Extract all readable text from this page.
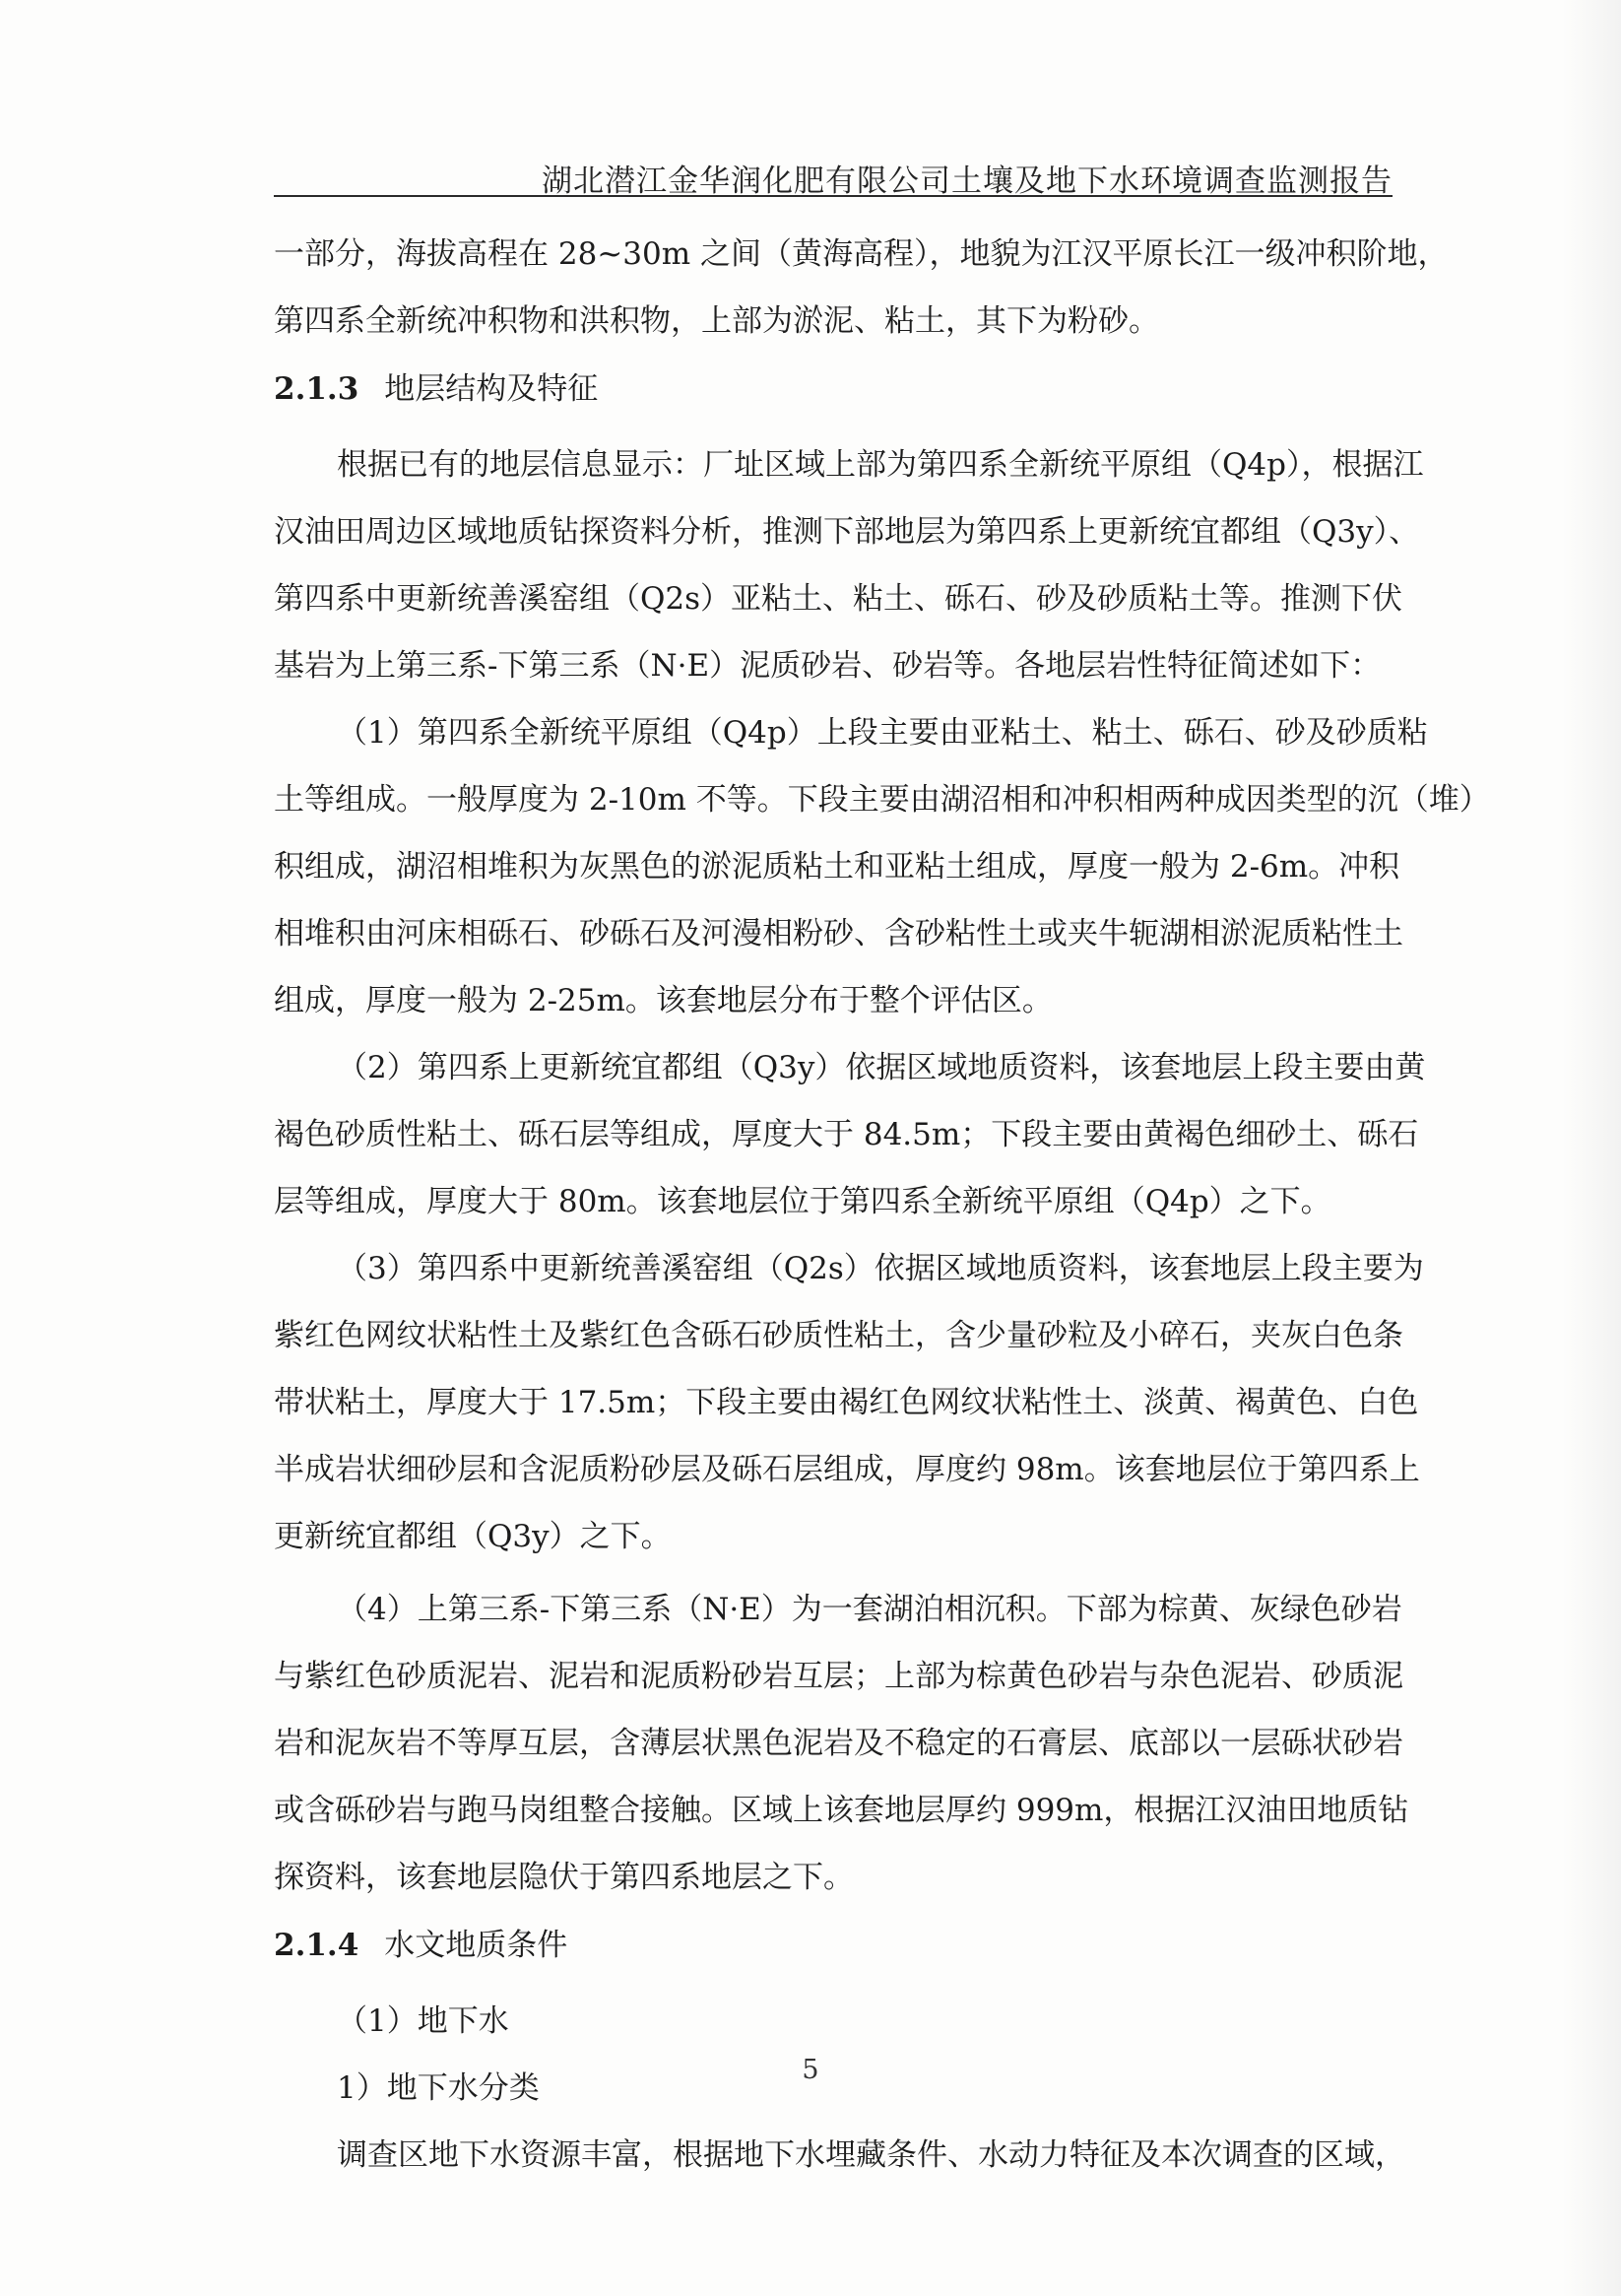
湖北潜江金华润化肥有限公司土壤及地下水环境调查监测报告

一部分，海拔高程在 28~30m 之间（黄海高程），地貌为江汉平原长江一级冲积阶地，

第四系全新统冲积物和洪积物，上部为淤泥、粘土，其下为粉砂。

2.1.3 地层结构及特征

根据已有的地层信息显示：厂址区域上部为第四系全新统平原组（Q4p），根据江

汉油田周边区域地质钻探资料分析，推测下部地层为第四系上更新统宜都组（Q3y）、

第四系中更新统善溪窑组（Q2s）亚粘土、粘土、砾石、砂及砂质粘土等。推测下伏

基岩为上第三系-下第三系（N·E）泥质砂岩、砂岩等。各地层岩性特征简述如下：

（1）第四系全新统平原组（Q4p）上段主要由亚粘土、粘土、砾石、砂及砂质粘

土等组成。一般厚度为 2-10m 不等。下段主要由湖沼相和冲积相两种成因类型的沉（堆）

积组成，湖沼相堆积为灰黑色的淤泥质粘土和亚粘土组成，厚度一般为 2-6m。冲积

相堆积由河床相砾石、砂砾石及河漫相粉砂、含砂粘性土或夹牛轭湖相淤泥质粘性土

组成，厚度一般为 2-25m。该套地层分布于整个评估区。

（2）第四系上更新统宜都组（Q3y）依据区域地质资料，该套地层上段主要由黄

褐色砂质性粘土、砾石层等组成，厚度大于 84.5m；下段主要由黄褐色细砂土、砾石

层等组成，厚度大于 80m。该套地层位于第四系全新统平原组（Q4p）之下。

（3）第四系中更新统善溪窑组（Q2s）依据区域地质资料，该套地层上段主要为

紫红色网纹状粘性土及紫红色含砾石砂质性粘土，含少量砂粒及小碎石，夹灰白色条

带状粘土，厚度大于 17.5m；下段主要由褐红色网纹状粘性土、淡黄、褐黄色、白色

半成岩状细砂层和含泥质粉砂层及砾石层组成，厚度约 98m。该套地层位于第四系上

更新统宜都组（Q3y）之下。

（4）上第三系-下第三系（N·E）为一套湖泊相沉积。下部为棕黄、灰绿色砂岩

与紫红色砂质泥岩、泥岩和泥质粉砂岩互层；上部为棕黄色砂岩与杂色泥岩、砂质泥

岩和泥灰岩不等厚互层，含薄层状黑色泥岩及不稳定的石膏层、底部以一层砾状砂岩

或含砾砂岩与跑马岗组整合接触。区域上该套地层厚约 999m，根据江汉油田地质钻

探资料，该套地层隐伏于第四系地层之下。

2.1.4 水文地质条件

（1）地下水

1）地下水分类

调查区地下水资源丰富，根据地下水埋藏条件、水动力特征及本次调查的区域，

5
